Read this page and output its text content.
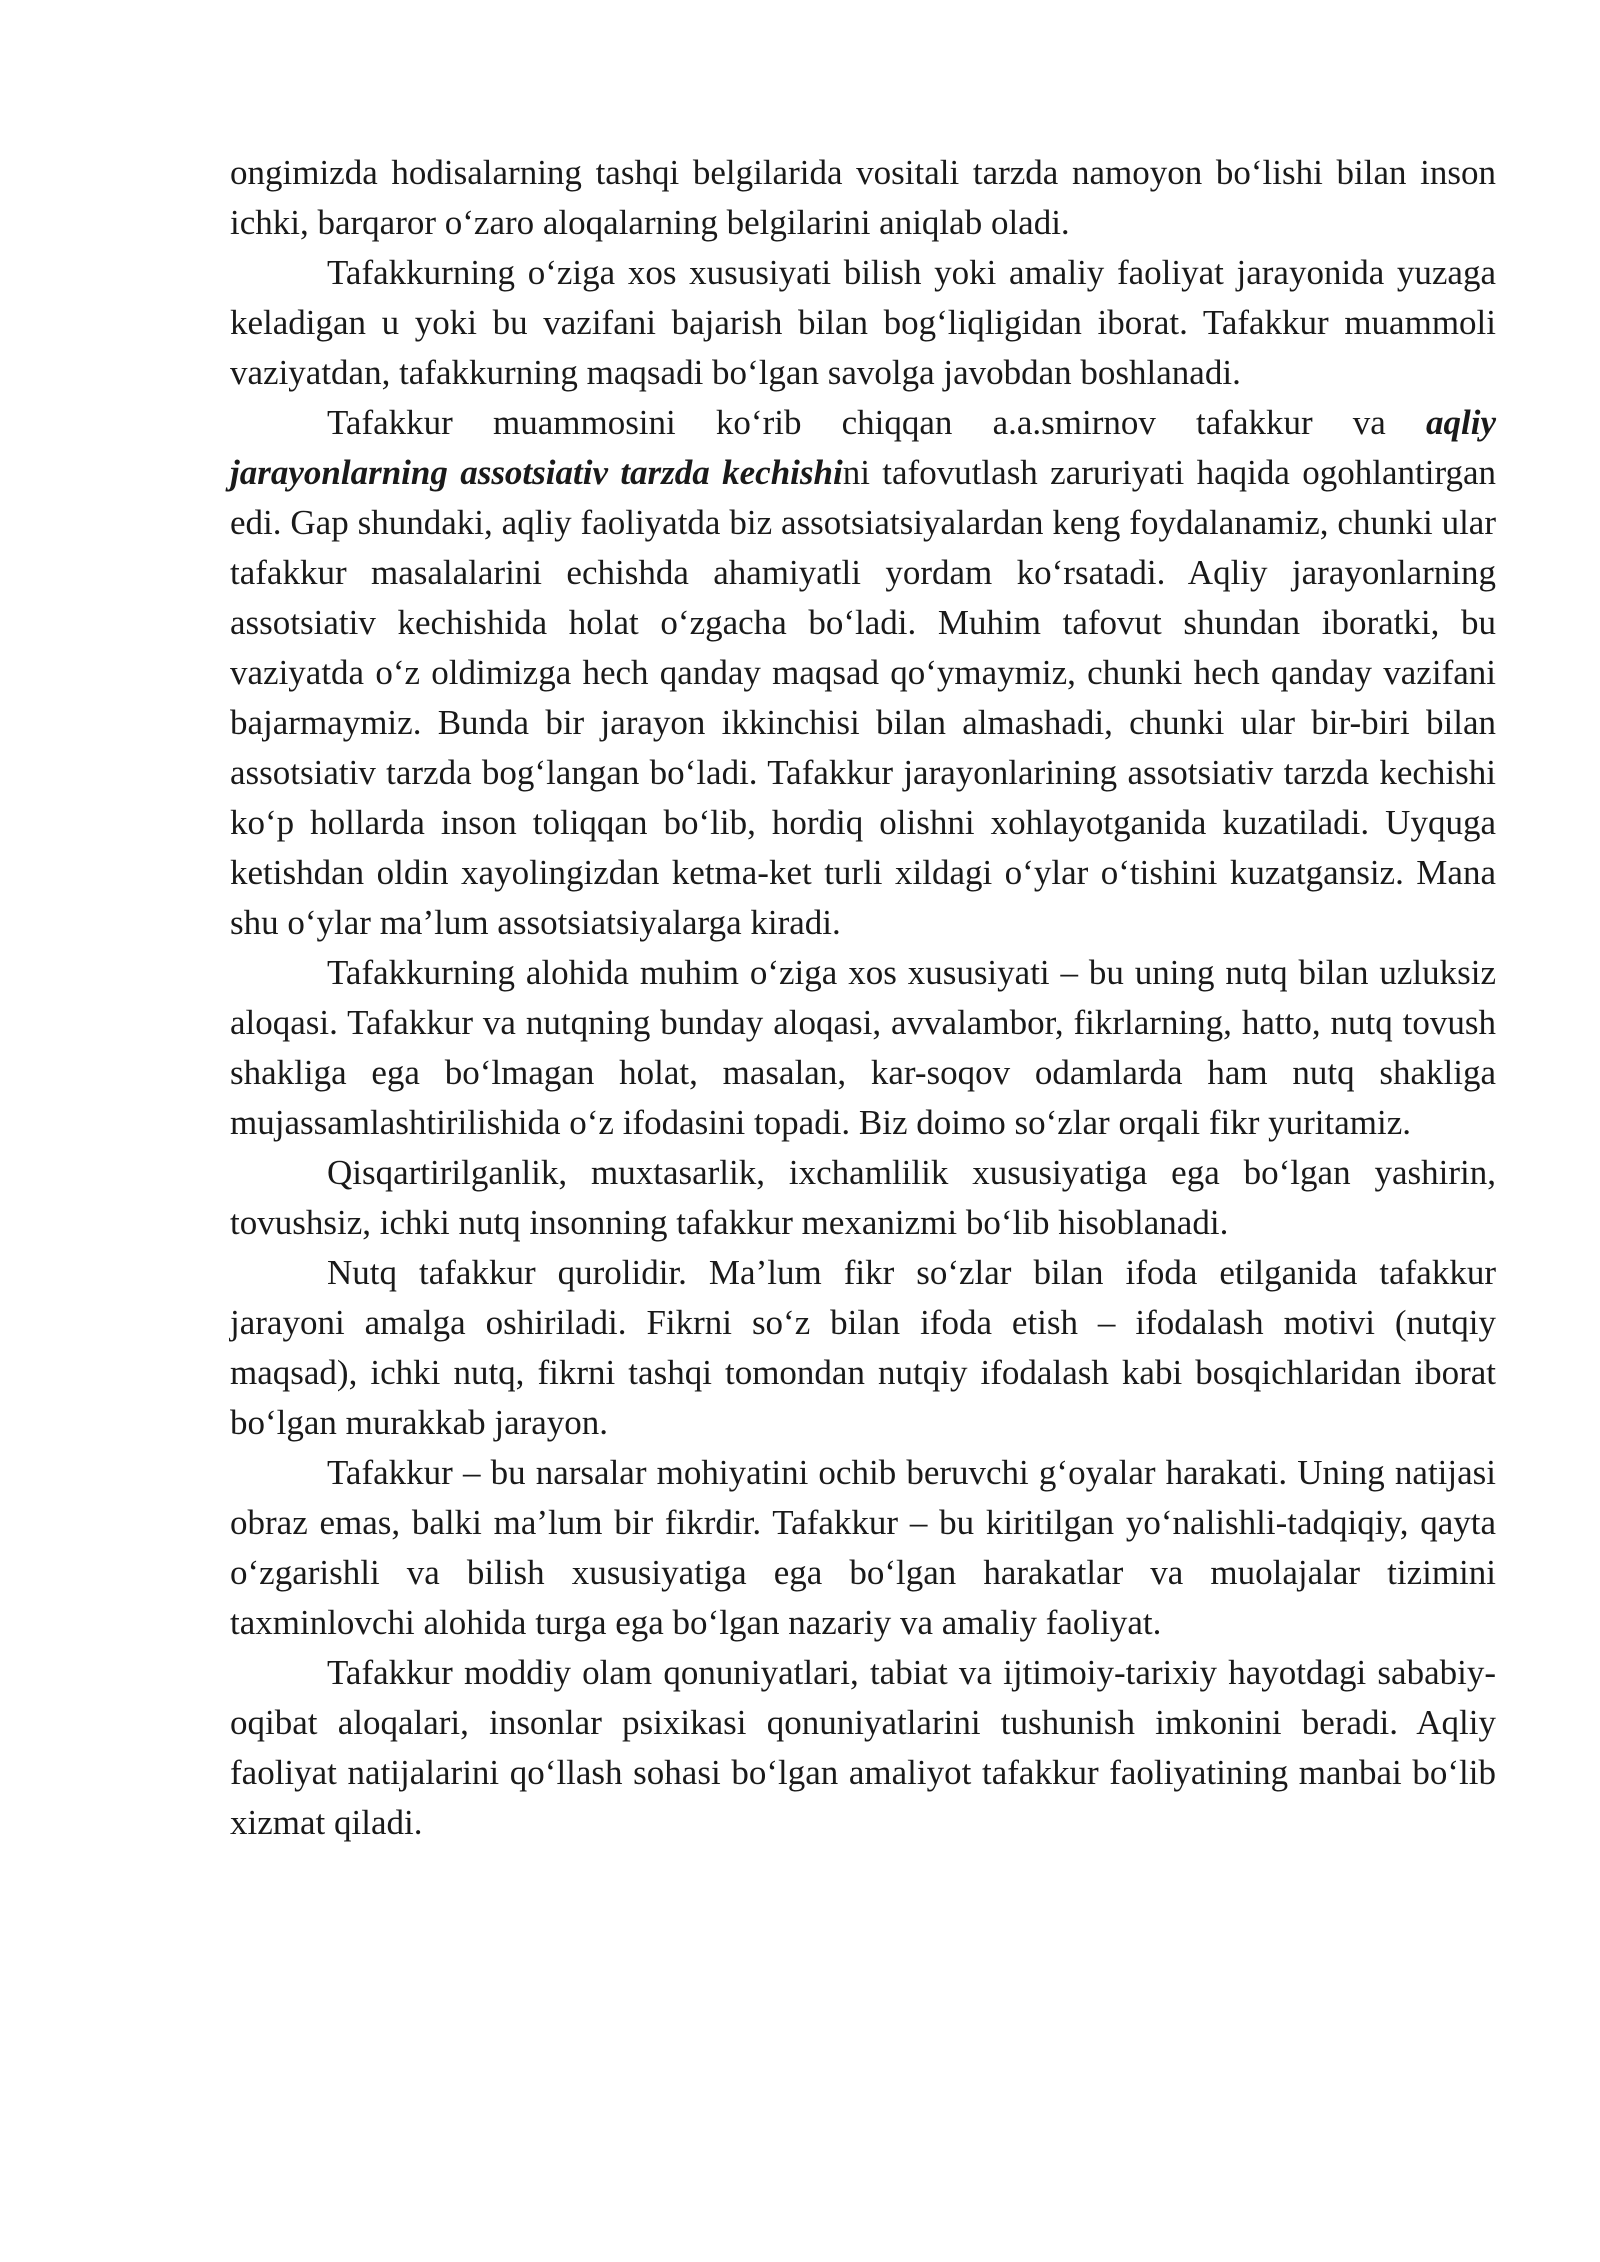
ongimizda hodisalarning tashqi belgilarida vositali tarzda namoyon bo‘lishi bilan inson ichki, barqaror o‘zaro aloqalarning belgilarini aniqlab oladi.

Tafakkurning o‘ziga xos xususiyati bilish yoki amaliy faoliyat jarayonida yuzaga keladigan u yoki bu vazifani bajarish bilan bog‘liqligidan iborat. Tafakkur muammoli vaziyatdan, tafakkurning maqsadi bo‘lgan savolga javobdan boshlanadi.

Tafakkur muammosini ko‘rib chiqqan a.a.smirnov tafakkur va aqliy jarayonlarning assotsiativ tarzda kechishini tafovutlash zaruriyati haqida ogohlantirgan edi. Gap shundaki, aqliy faoliyatda biz assotsiatsiyalardan keng foydalanamiz, chunki ular tafakkur masalalarini echishda ahamiyatli yordam ko‘rsatadi. Aqliy jarayonlarning assotsiativ kechishida holat o‘zgacha bo‘ladi. Muhim tafovut shundan iboratki, bu vaziyatda o‘z oldimizga hech qanday maqsad qo‘ymaymiz, chunki hech qanday vazifani bajarmaymiz. Bunda bir jarayon ikkinchisi bilan almashadi, chunki ular bir-biri bilan assotsiativ tarzda bog‘langan bo‘ladi. Tafakkur jarayonlarining assotsiativ tarzda kechishi ko‘p hollarda inson toliqqan bo‘lib, hordiq olishni xohlayotganida kuzatiladi. Uyquga ketishdan oldin xayolingizdan ketma-ket turli xildagi o‘ylar o‘tishini kuzatgansiz. Mana shu o‘ylar ma’lum assotsiatsiyalarga kiradi.

Tafakkurning alohida muhim o‘ziga xos xususiyati – bu uning nutq bilan uzluksiz aloqasi. Tafakkur va nutqning bunday aloqasi, avvalambor, fikrlarning, hatto, nutq tovush shakliga ega bo‘lmagan holat, masalan, kar-soqov odamlarda ham nutq shakliga mujassamlashtirilishida o‘z ifodasini topadi. Biz doimo so‘zlar orqali fikr yuritamiz.

Qisqartirilganlik, muxtasarlik, ixchamlilik xususiyatiga ega bo‘lgan yashirin, tovushsiz, ichki nutq insonning tafakkur mexanizmi bo‘lib hisoblanadi.

Nutq tafakkur qurolidir. Ma’lum fikr so‘zlar bilan ifoda etilganida tafakkur jarayoni amalga oshiriladi. Fikrni so‘z bilan ifoda etish – ifodalash motivi (nutqiy maqsad), ichki nutq, fikrni tashqi tomondan nutqiy ifodalash kabi bosqichlaridan iborat bo‘lgan murakkab jarayon.

Tafakkur – bu narsalar mohiyatini ochib beruvchi g‘oyalar harakati. Uning natijasi obraz emas, balki ma’lum bir fikrdir. Tafakkur – bu kiritilgan yo‘nalishli-tadqiqiy, qayta o‘zgarishli va bilish xususiyatiga ega bo‘lgan harakatlar va muolajalar tizimini taxminlovchi alohida turga ega bo‘lgan nazariy va amaliy faoliyat.

Tafakkur moddiy olam qonuniyatlari, tabiat va ijtimoiy-tarixiy hayotdagi sababiy-oqibat aloqalari, insonlar psixikasi qonuniyatlarini tushunish imkonini beradi. Aqliy faoliyat natijalarini qo‘llash sohasi bo‘lgan amaliyot tafakkur faoliyatining manbai bo‘lib xizmat qiladi.
